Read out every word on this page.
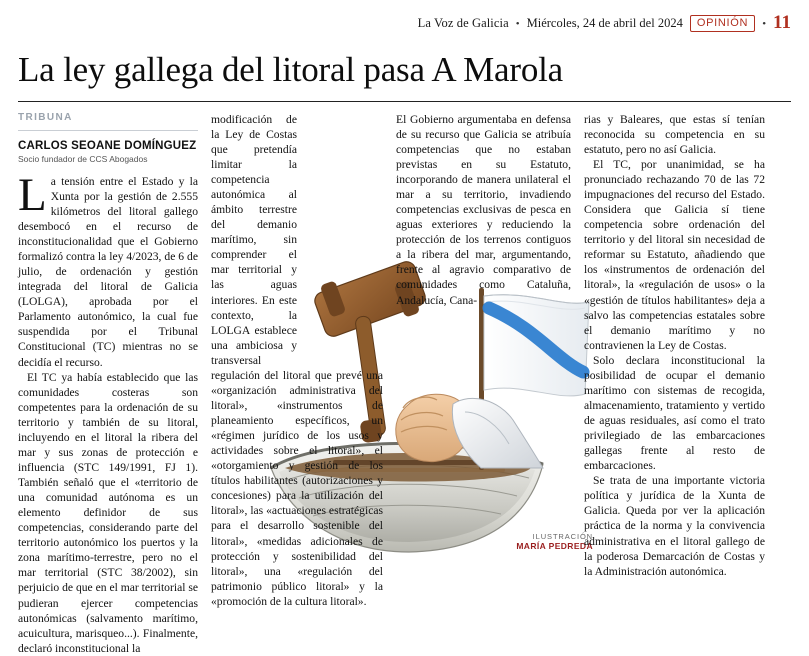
La Voz de Galicia • Miércoles, 24 de abril del 2024	OPINIÓN	• 11
La ley gallega del litoral pasa A Marola
ILUSTRACIÓN
MARÍA PEDREDA
TRIBUNA
CARLOS SEOANE DOMÍNGUEZ
Socio fundador de CCS Abogados

La tensión entre el Estado y la Xunta por la gestión de 2.555 kilómetros del litoral gallego desembocó en el recurso de inconstitucionalidad que el Gobierno formalizó contra la ley 4/2023, de 6 de julio, de ordenación y gestión integrada del litoral de Galicia (LOLGA), aprobada por el Parlamento autonómico, la cual fue suspendida por el Tribunal Constitucional (TC) mientras no se decidía el recurso.

El TC ya había establecido que las comunidades costeras son competentes para la ordenación de su territorio y también de su litoral, incluyendo en el litoral la ribera del mar y sus zonas de protección e influencia (STC 149/1991, FJ 1). También señaló que el «territorio de una comunidad autónoma es un elemento definidor de sus competencias, considerando parte del territorio autonómico los puertos y la zona marítimo-terrestre, pero no el mar territorial (STC 38/2002), sin perjuicio de que en el mar territorial se pudieran ejercer competencias autonómicas (salvamento marítimo, acuicultura, marisqueo...). Finalmente, declaró inconstitucional la

modificación de la Ley de Costas que pretendía limitar la competencia autonómica al ámbito terrestre del demanio marítimo, sin comprender el mar territorial y las aguas interiores. En este contexto, la LOLGA establece una ambiciosa y transversal regulación del litoral que prevé una «organización administrativa del litoral», «instrumentos de planeamiento específicos, un «régimen jurídico de los usos y actividades sobre el litoral», el «otorgamiento y gestión de los títulos habilitantes (autorizaciones y concesiones) para la utilización del litoral», las «actuaciones estratégicas para el desarrollo sostenible del litoral», «medidas adicionales de protección y sostenibilidad del litoral», una «regulación del patrimonio público litoral» y la «promoción de la cultura litoral».

El Gobierno argumentaba en defensa de su recurso que Galicia se atribuía competencias que no estaban previstas en su Estatuto, incorporando de manera unilateral el mar a su territorio, invadiendo competencias exclusivas de pesca en aguas exteriores y reduciendo la protección de los terrenos contiguos a la ribera del mar, argumentando, frente al agravio comparativo de comunidades como Cataluña, Andalucía, Cana-

rias y Baleares, que estas sí tenían reconocida su competencia en su estatuto, pero no así Galicia.

El TC, por unanimidad, se ha pronunciado rechazando 70 de las 72 impugnaciones del recurso del Estado. Considera que Galicia sí tiene competencia sobre ordenación del territorio y del litoral sin necesidad de reformar su Estatuto, añadiendo que los «instrumentos de ordenación del litoral», la «regulación de usos» o la «gestión de títulos habilitantes» deja a salvo las competencias estatales sobre el demanio marítimo y no contravienen la Ley de Costas.

Solo declara inconstitucional la posibilidad de ocupar el demanio marítimo con sistemas de recogida, almacenamiento, tratamiento y vertido de aguas residuales, así como el trato privilegiado de las embarcaciones gallegas frente al resto de embarcaciones.

Se trata de una importante victoria política y jurídica de la Xunta de Galicia. Queda por ver la aplicación práctica de la norma y la convivencia administrativa en el litoral gallego de la poderosa Demarcación de Costas y la Administración autonómica.
